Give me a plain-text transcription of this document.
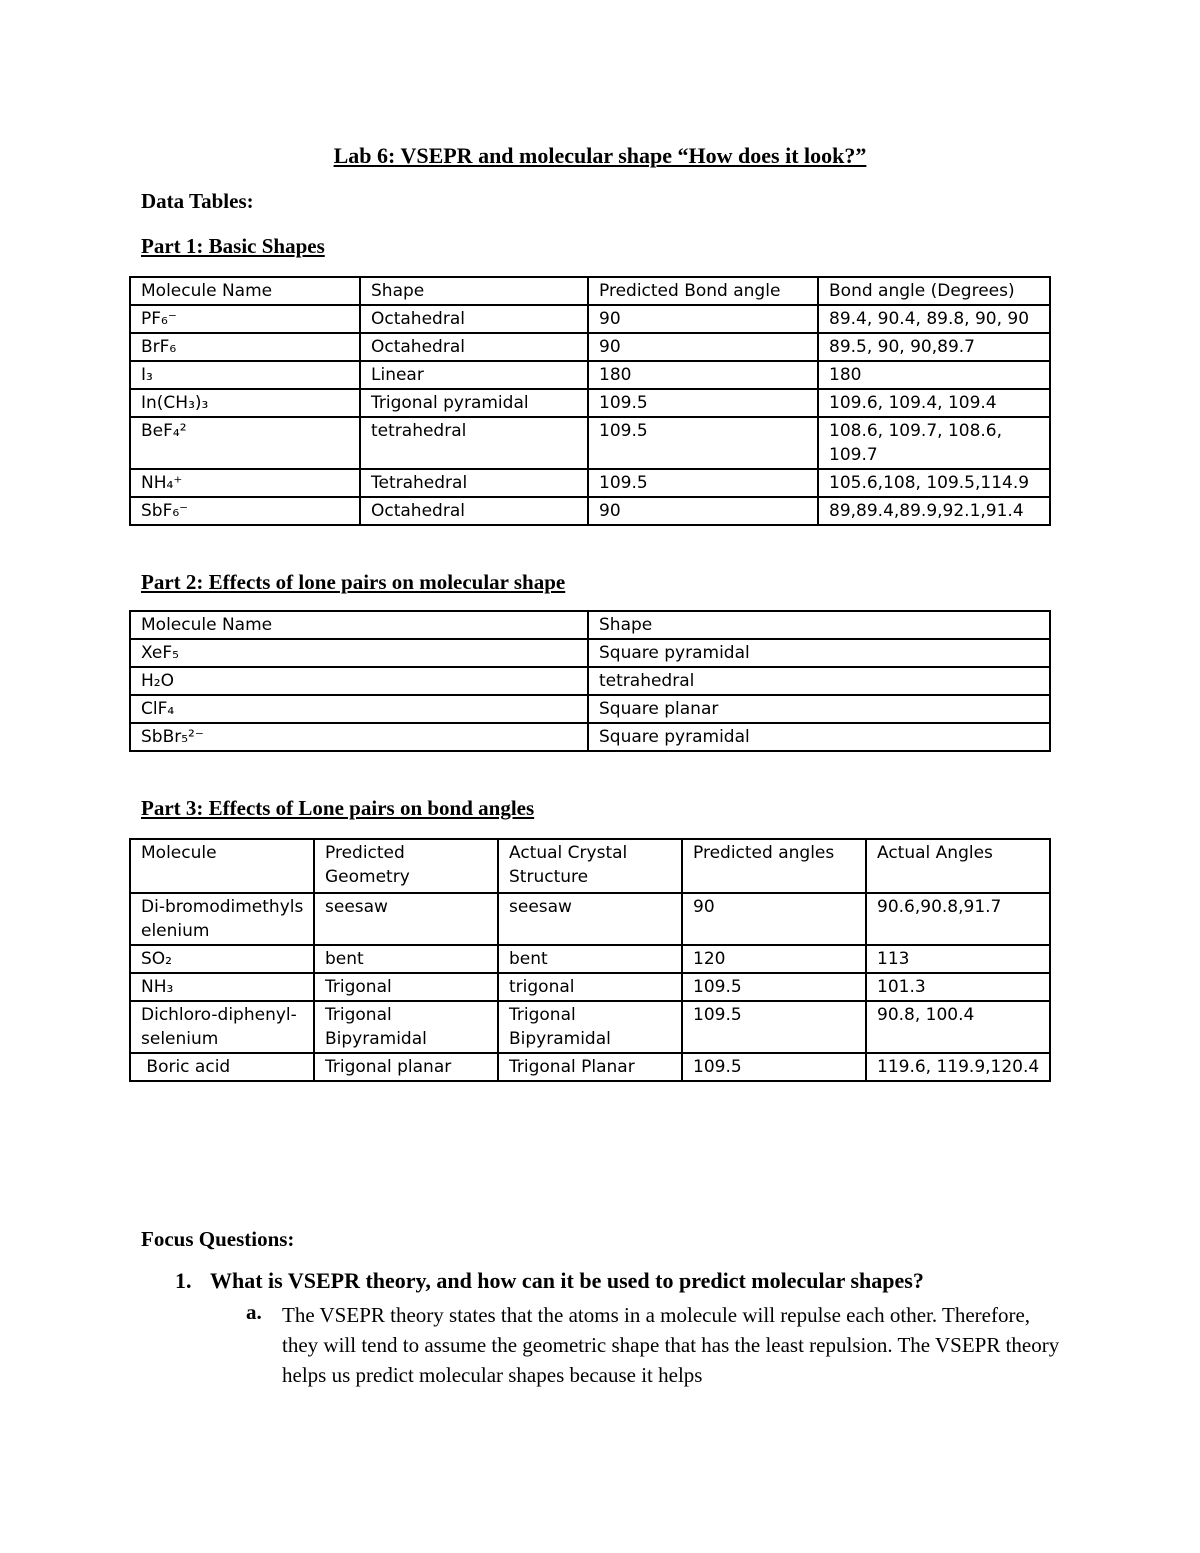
Lab 6: VSEPR and molecular shape “How does it look?”
Data Tables:
Part 1: Basic Shapes
Molecule Name	Shape	Predicted Bond angle	Bond angle (Degrees)
PF₆⁻	Octahedral	90	89.4, 90.4, 89.8, 90, 90
BrF₆	Octahedral	90	89.5, 90, 90,89.7
I₃	Linear	180	180
In(CH₃)₃	Trigonal pyramidal	109.5	109.6, 109.4, 109.4
BeF₄²	tetrahedral	109.5	108.6, 109.7, 108.6, 109.7
NH₄⁺	Tetrahedral	109.5	105.6,108, 109.5,114.9
SbF₆⁻	Octahedral	90	89,89.4,89.9,92.1,91.4
Part 2: Effects of lone pairs on molecular shape
Molecule Name	Shape
XeF₅	Square pyramidal
H₂O	tetrahedral
ClF₄	Square planar
SbBr₅²⁻	Square pyramidal
Part 3: Effects of Lone pairs on bond angles
Molecule	Predicted Geometry	Actual Crystal Structure	Predicted angles	Actual Angles
Di-bromodimethylselenium	seesaw	seesaw	90	90.6,90.8,91.7
SO₂	bent	bent	120	113
NH₃	Trigonal	trigonal	109.5	101.3
Dichloro-diphenyl-selenium	Trigonal Bipyramidal	Trigonal Bipyramidal	109.5	90.8, 100.4
Boric acid	Trigonal planar	Trigonal Planar	109.5	119.6, 119.9,120.4
Focus Questions:
1. What is VSEPR theory, and how can it be used to predict molecular shapes?
a. The VSEPR theory states that the atoms in a molecule will repulse each other. Therefore, they will tend to assume the geometric shape that has the least repulsion. The VSEPR theory helps us predict molecular shapes because it helps
